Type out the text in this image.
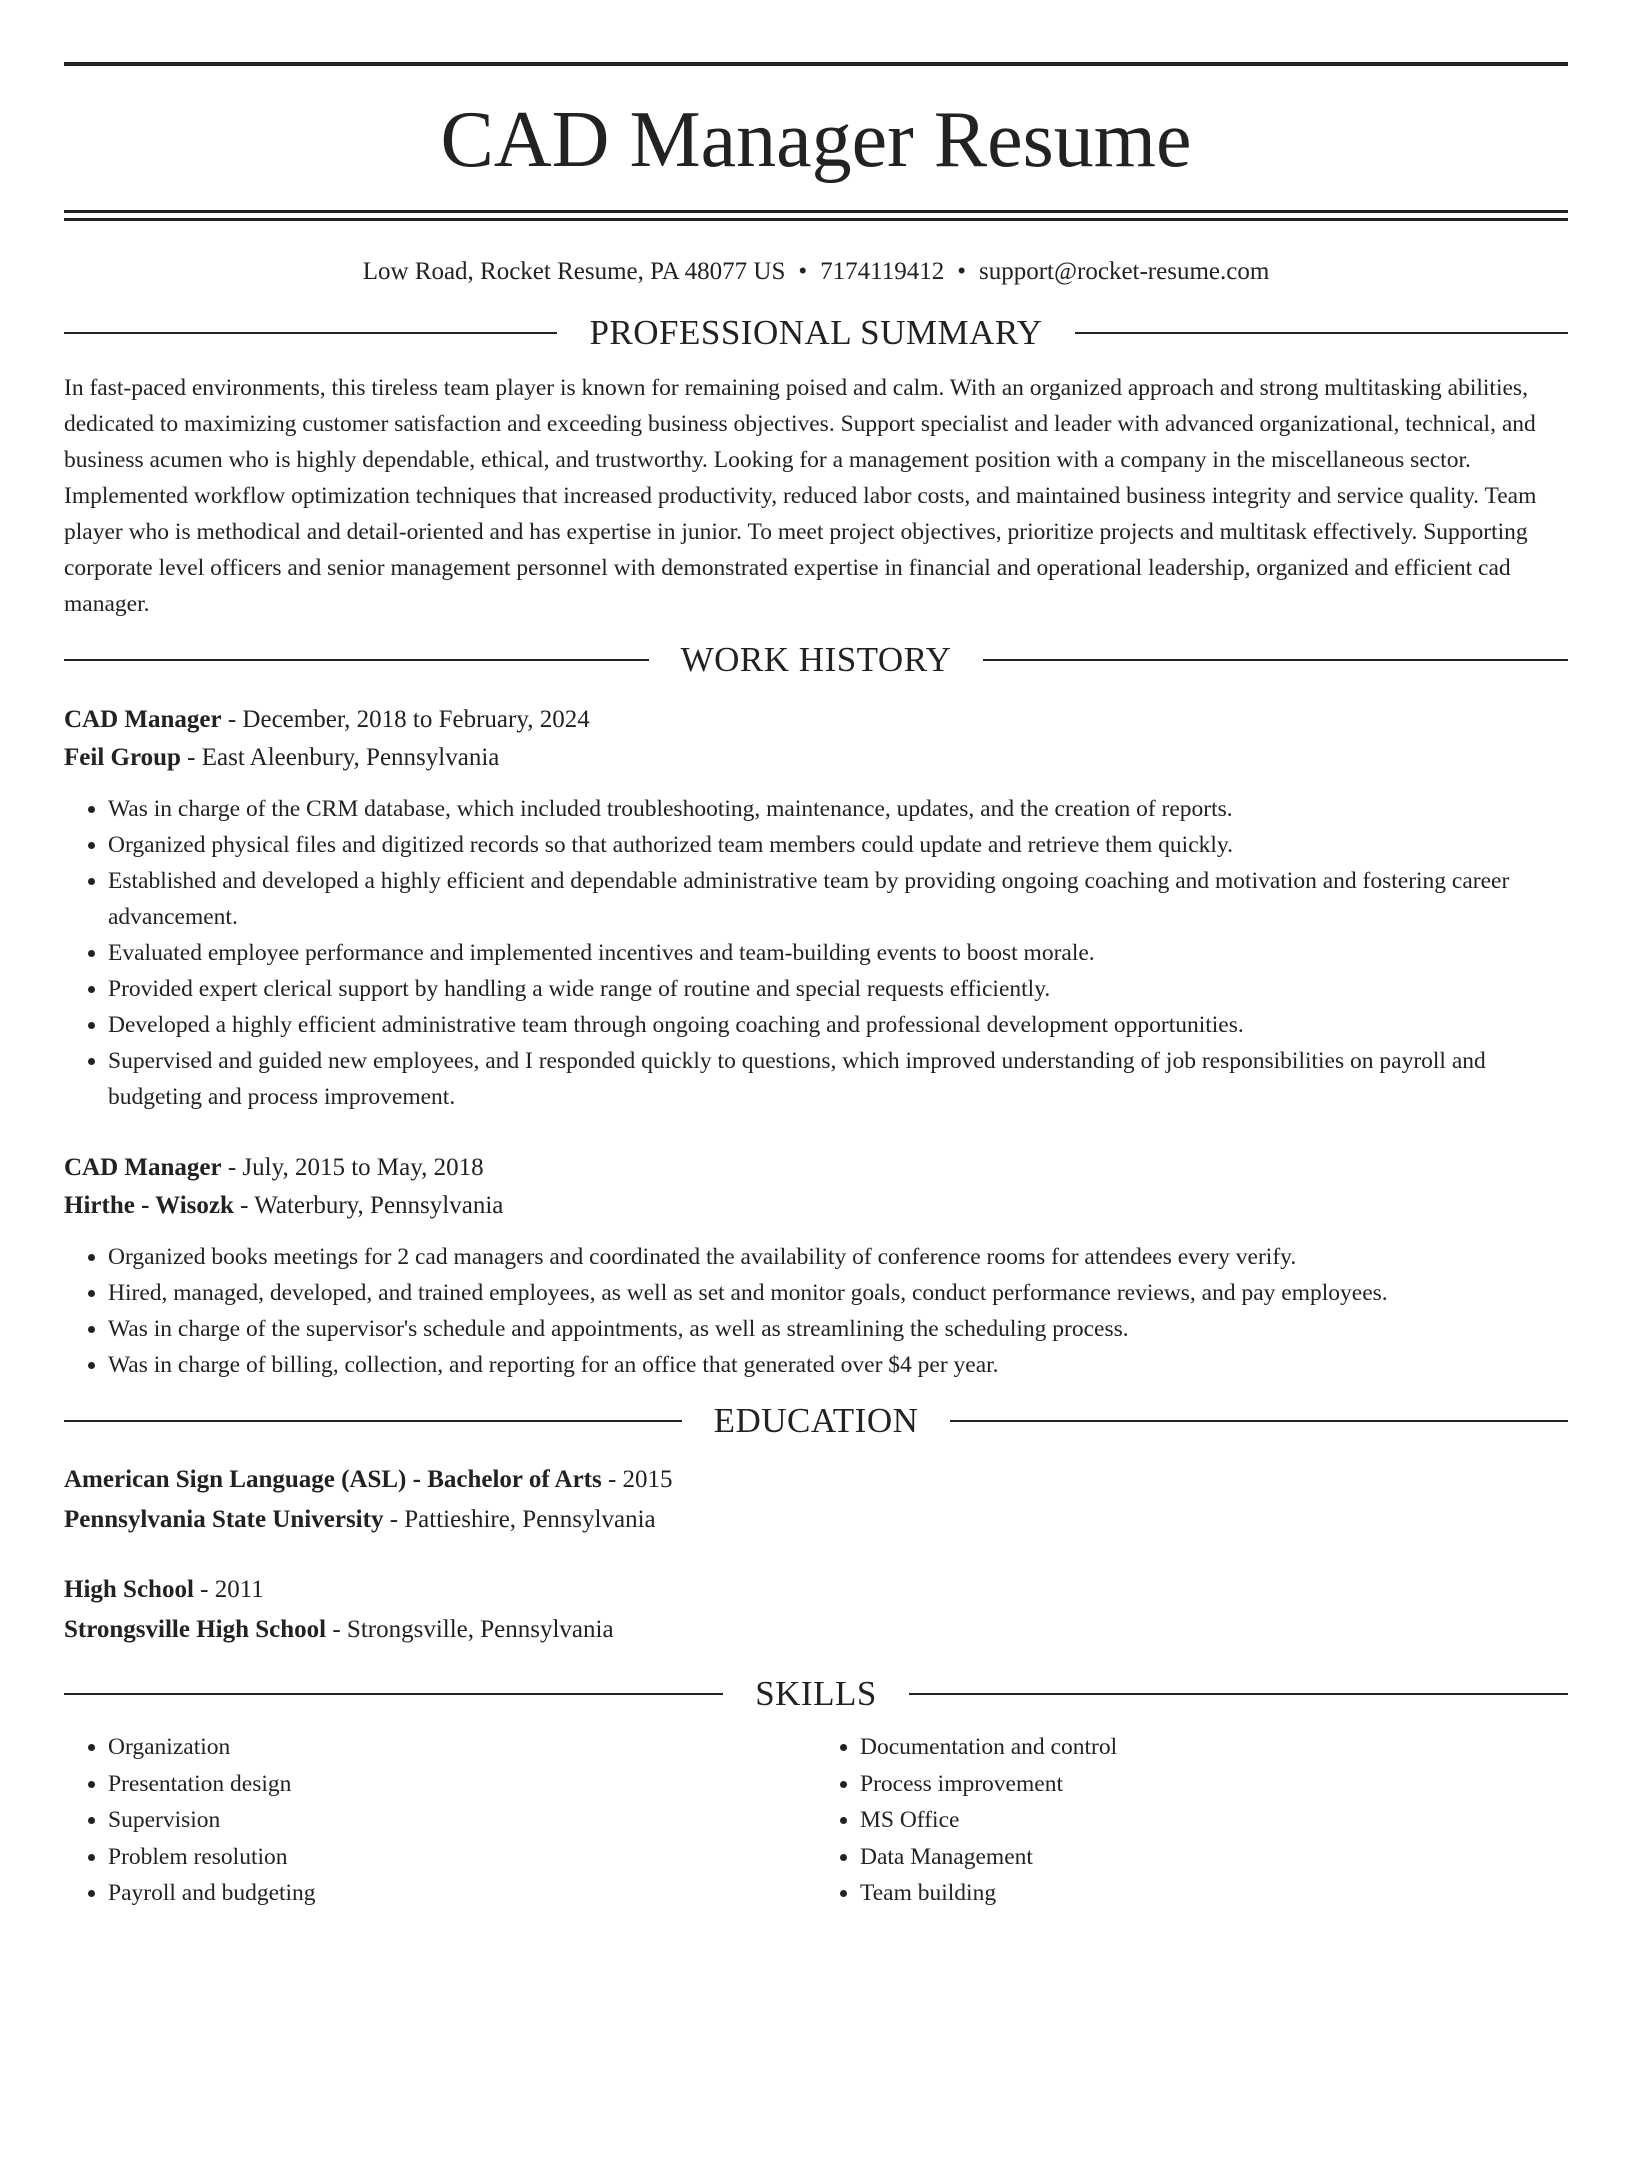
CAD Manager Resume
Low Road, Rocket Resume, PA 48077 US • 7174119412 • support@rocket-resume.com
PROFESSIONAL SUMMARY

In fast-paced environments, this tireless team player is known for remaining poised and calm. With an organized approach and strong multitasking abilities, dedicated to maximizing customer satisfaction and exceeding business objectives. Support specialist and leader with advanced organizational, technical, and business acumen who is highly dependable, ethical, and trustworthy. Looking for a management position with a company in the miscellaneous sector. Implemented workflow optimization techniques that increased productivity, reduced labor costs, and maintained business integrity and service quality. Team player who is methodical and detail-oriented and has expertise in junior. To meet project objectives, prioritize projects and multitask effectively. Supporting corporate level officers and senior management personnel with demonstrated expertise in financial and operational leadership, organized and efficient cad manager.

WORK HISTORY
CAD Manager - December, 2018 to February, 2024
Feil Group - East Aleenbury, Pennsylvania
• Was in charge of the CRM database, which included troubleshooting, maintenance, updates, and the creation of reports.
• Organized physical files and digitized records so that authorized team members could update and retrieve them quickly.
• Established and developed a highly efficient and dependable administrative team by providing ongoing coaching and motivation and fostering career advancement.
• Evaluated employee performance and implemented incentives and team-building events to boost morale.
• Provided expert clerical support by handling a wide range of routine and special requests efficiently.
• Developed a highly efficient administrative team through ongoing coaching and professional development opportunities.
• Supervised and guided new employees, and I responded quickly to questions, which improved understanding of job responsibilities on payroll and budgeting and process improvement.
CAD Manager - July, 2015 to May, 2018
Hirthe - Wisozk - Waterbury, Pennsylvania
• Organized books meetings for 2 cad managers and coordinated the availability of conference rooms for attendees every verify.
• Hired, managed, developed, and trained employees, as well as set and monitor goals, conduct performance reviews, and pay employees.
• Was in charge of the supervisor's schedule and appointments, as well as streamlining the scheduling process.
• Was in charge of billing, collection, and reporting for an office that generated over $4 per year.
EDUCATION
American Sign Language (ASL) - Bachelor of Arts - 2015
Pennsylvania State University - Pattieshire, Pennsylvania
High School - 2011
Strongsville High School - Strongsville, Pennsylvania
SKILLS
• Organization
• Presentation design
• Supervision
• Problem resolution
• Payroll and budgeting
• Documentation and control
• Process improvement
• MS Office
• Data Management
• Team building
